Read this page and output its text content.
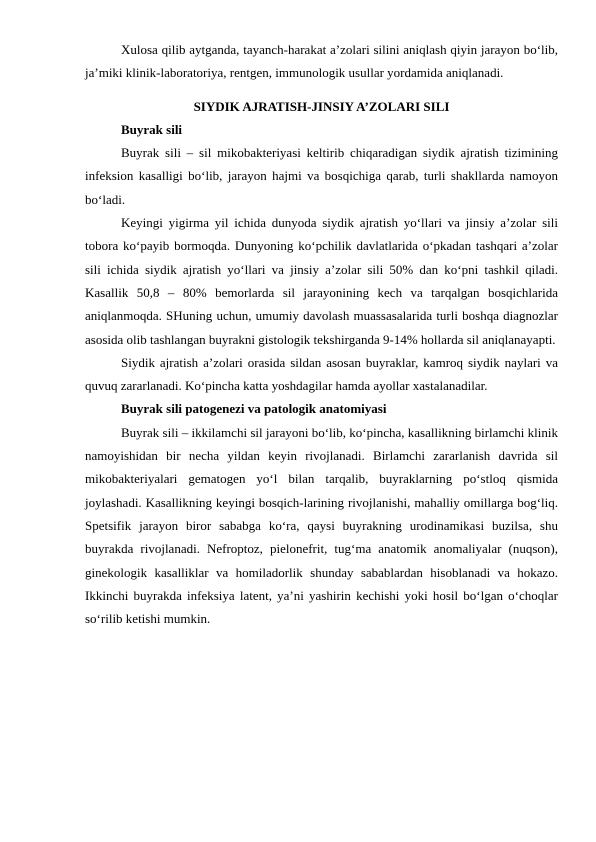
Xulosa qilib aytganda, tayanch-harakat a’zolari silini aniqlash qiyin jarayon bo‘lib, ja’miki klinik-laboratoriya, rentgen, immunologik usullar yordamida aniqlanadi.

SIYDIK AJRATISH-JINSIY A’ZOLARI SILI

Buyrak sili

Buyrak sili – sil mikobakteriyasi keltirib chiqaradigan siydik ajratish tizimining infeksion kasalligi bo‘lib, jarayon hajmi va bosqichiga qarab, turli shakllarda namoyon bo‘ladi.

Keyingi yigirma yil ichida dunyoda siydik ajratish yo‘llari va jinsiy a’zolar sili tobora ko‘payib bormoqda. Dunyoning ko‘pchilik davlatlarida o‘pkadan tashqari a’zolar sili ichida siydik ajratish yo‘llari va jinsiy a’zolar sili 50% dan ko‘pni tashkil qiladi. Kasallik 50,8 – 80% bemorlarda sil jarayonining kech va tarqalgan bosqichlarida aniqlanmoqda. SHuning uchun, umumiy davolash muassasalarida turli boshqa diagnozlar asosida olib tashlangan buyrakni gistologik tekshirganda 9-14% hollarda sil aniqlanayapti.

Siydik ajratish a’zolari orasida sildan asosan buyraklar, kamroq siydik naylari va quvuq zararlanadi. Ko‘pincha katta yoshdagilar hamda ayollar xastalanadilar.

Buyrak sili patogenezi va patologik anatomiyasi

Buyrak sili – ikkilamchi sil jarayoni bo‘lib, ko‘pincha, kasallikning birlamchi klinik namoyishidan bir necha yildan keyin rivojlanadi. Birlamchi zararlanish davrida sil mikobakteriyalari gematogen yo‘l bilan tarqalib, buyraklarning po‘stloq qismida joylashadi. Kasallikning keyingi bosqich-larining rivojlanishi, mahalliy omillarga bog‘liq. Spetsifik jarayon biror sababga ko‘ra, qaysi buyrakning urodinamikasi buzilsa, shu buyrakda rivojlanadi. Nefroptoz, pielonefrit, tug‘ma anatomik anomaliyalar (nuqson), ginekologik kasalliklar va homiladorlik shunday sabablardan hisoblanadi va hokazo. Ikkinchi buyrakda infeksiya latent, ya’ni yashirin kechishi yoki hosil bo‘lgan o‘choqlar so‘rilib ketishi mumkin.
